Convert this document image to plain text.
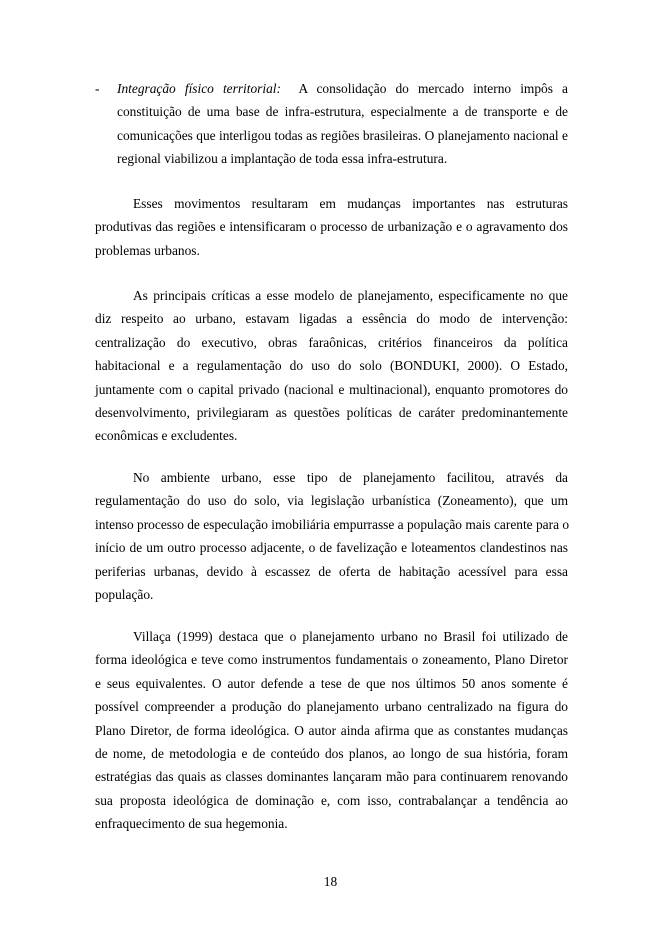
-	Integração físico territorial:  A consolidação do mercado interno impôs a
constituição de uma base de infra-estrutura, especialmente a de transporte e de
comunicações que interligou todas as regiões brasileiras. O planejamento nacional e
regional viabilizou a implantação de toda essa infra-estrutura.
Esses movimentos resultaram em mudanças importantes nas estruturas
produtivas das regiões e intensificaram o processo de urbanização e o agravamento dos
problemas urbanos.
As principais críticas a esse modelo de planejamento, especificamente no que
diz respeito ao urbano, estavam ligadas a essência do modo de intervenção:
centralização do executivo, obras faraônicas, critérios financeiros da política
habitacional e a regulamentação do uso do solo (BONDUKI, 2000). O Estado,
juntamente com o capital privado (nacional e multinacional), enquanto promotores do
desenvolvimento, privilegiaram as questões políticas de caráter predominantemente
econômicas e excludentes.
No ambiente urbano, esse tipo de planejamento facilitou, através da
regulamentação do uso do solo, via legislação urbanística (Zoneamento), que um
intenso processo de especulação imobiliária empurrasse a população mais carente para o
início de um outro processo adjacente, o de favelização e loteamentos clandestinos nas
periferias urbanas, devido à escassez de oferta de habitação acessível para essa
população.
Villaça (1999) destaca que o planejamento urbano no Brasil foi utilizado de
forma ideológica e teve como instrumentos fundamentais o zoneamento, Plano Diretor
e seus equivalentes. O autor defende a tese de que nos últimos 50 anos somente é
possível compreender a produção do planejamento urbano centralizado na figura do
Plano Diretor, de forma ideológica. O autor ainda afirma que as constantes mudanças
de nome, de metodologia e de conteúdo dos planos, ao longo de sua história, foram
estratégias das quais as classes dominantes lançaram mão para continuarem renovando
sua proposta ideológica de dominação e, com isso, contrabalançar a tendência ao
enfraquecimento de sua hegemonia.
18
